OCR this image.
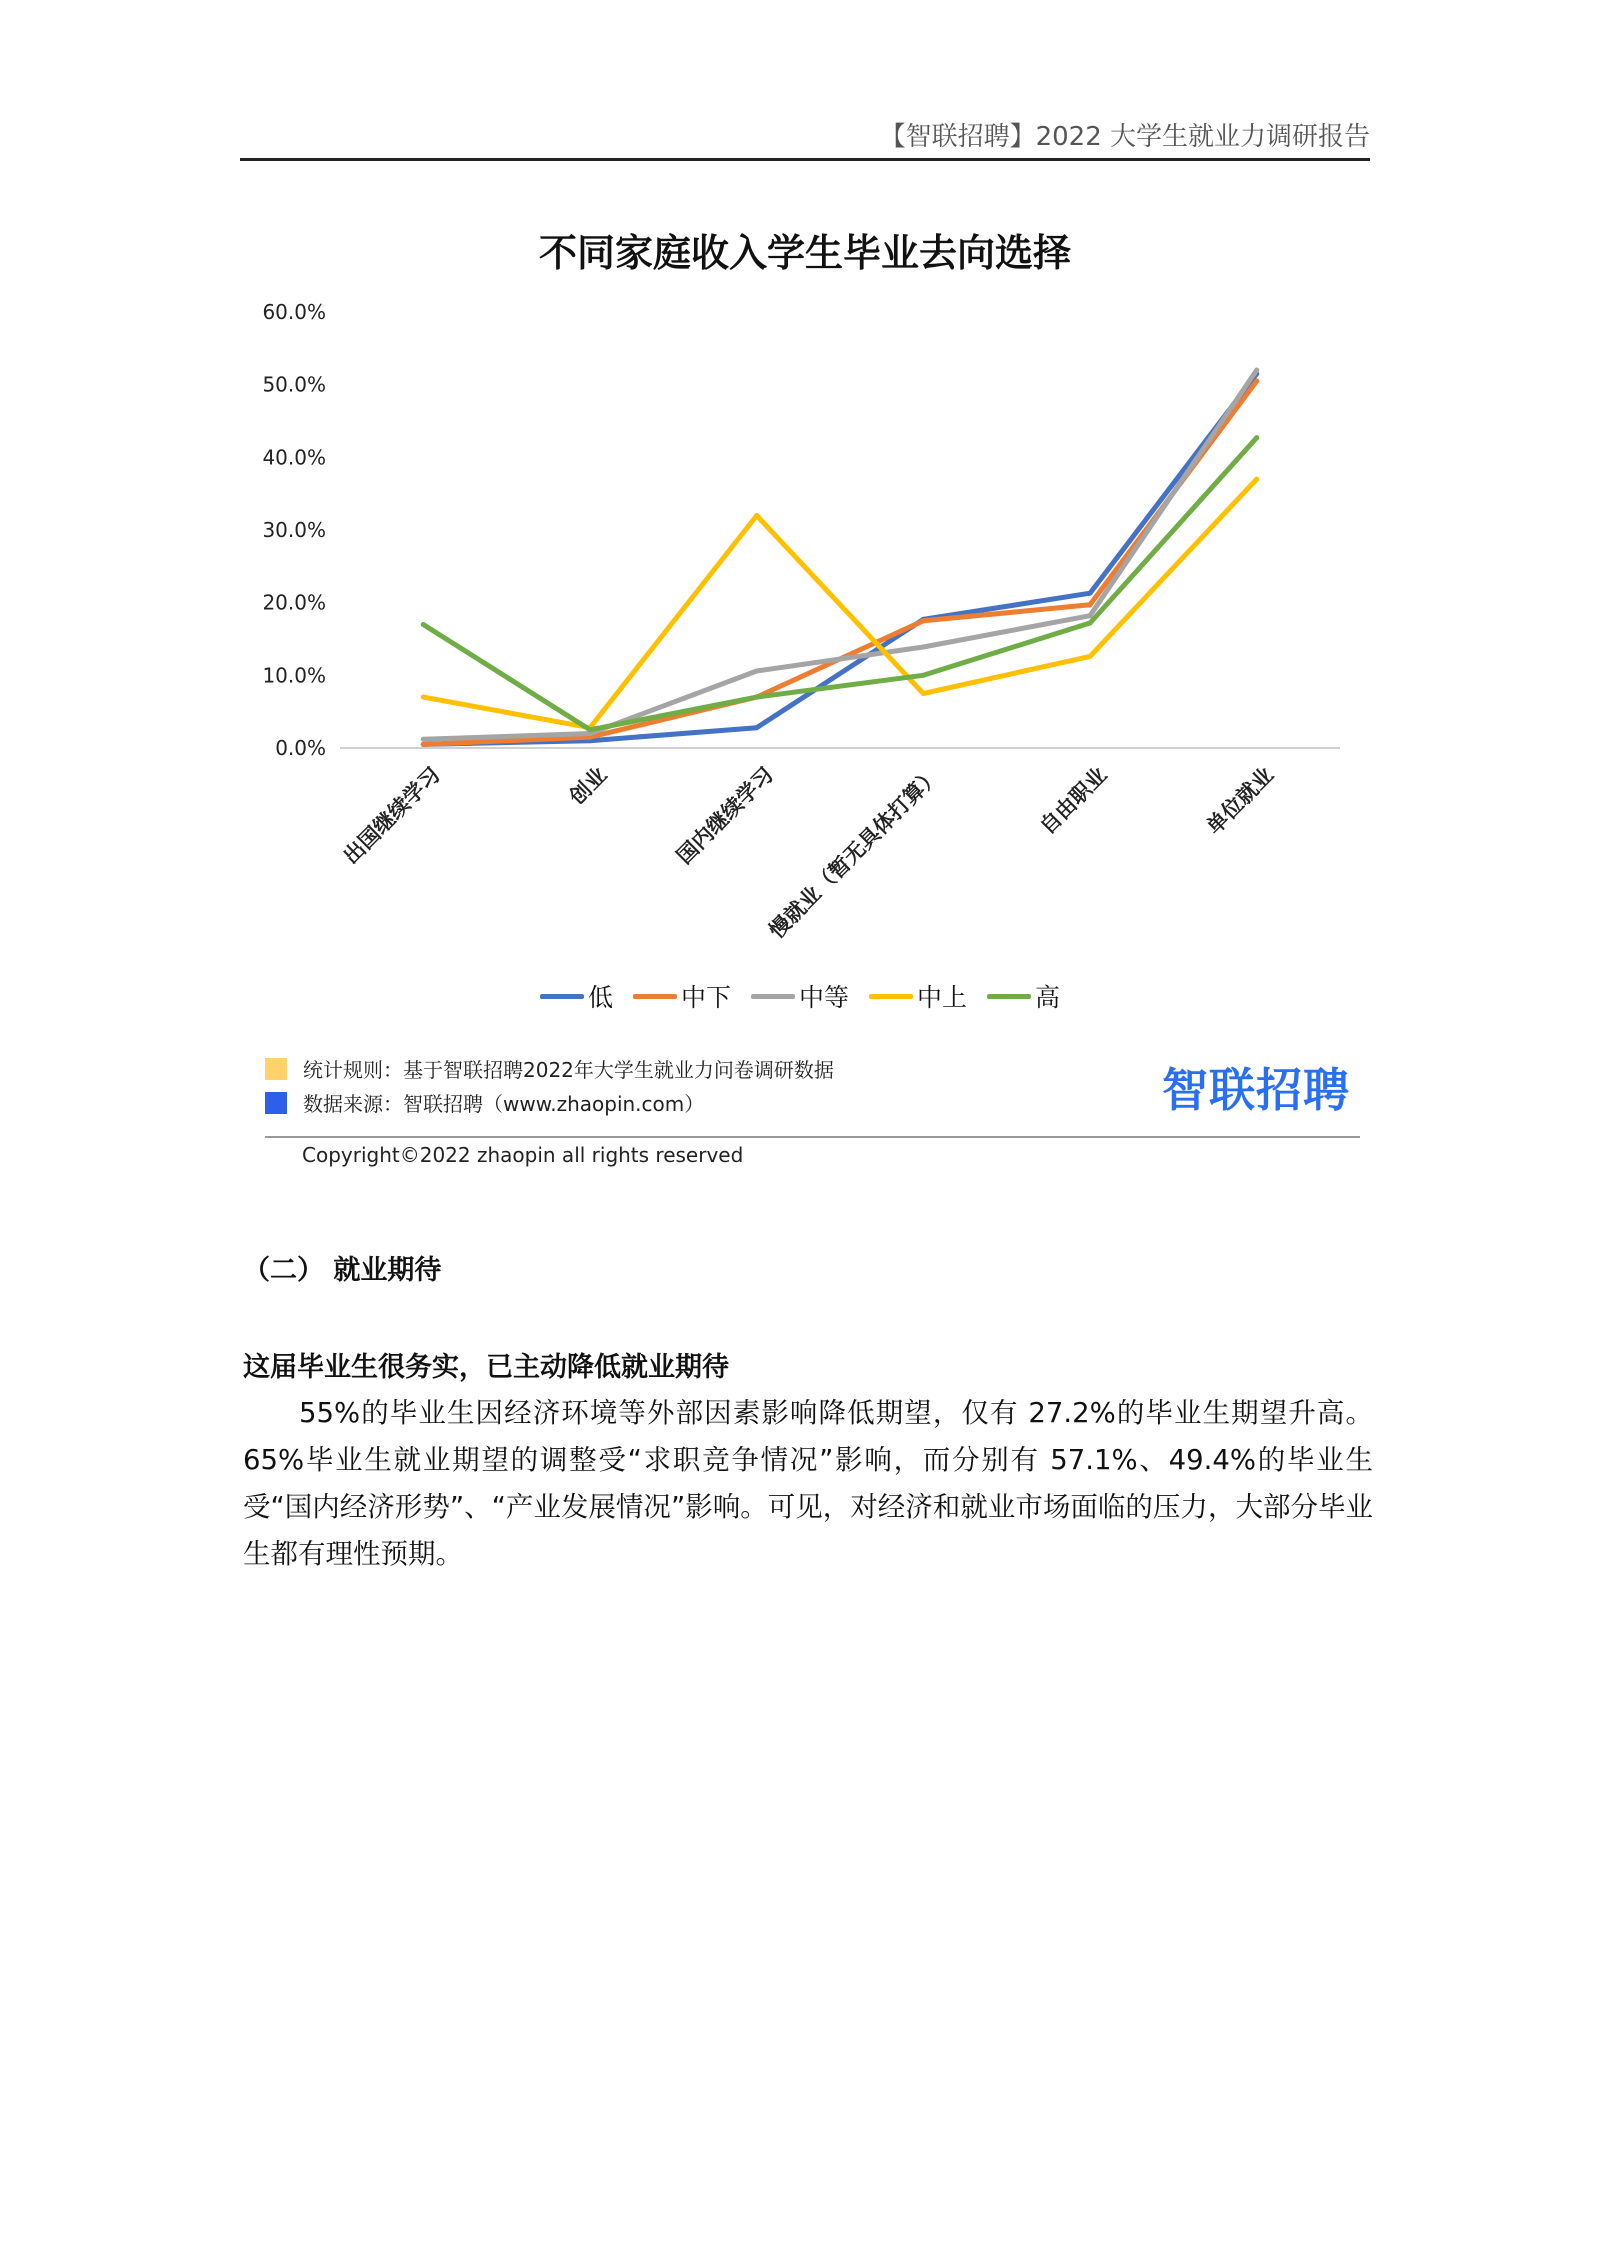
【智联招聘】2022 大学生就业力调研报告
不同家庭收入学生毕业去向选择
0.0%
10.0%
20.0%
30.0%
40.0%
50.0%
60.0%
出国继续学习	创业	国内继续学习
慢就业（暂无具体打算）	自由职业	单位就业
低	中下	中等	中上	高
统计规则：基于智联招聘2022年大学生就业力问卷调研数据
数据来源：智联招聘（www.zhaopin.com）	智联招聘
Copyright©2022 zhaopin all rights reserved
（二） 就业期待
这届毕业生很务实，已主动降低就业期待
55%的毕业生因经济环境等外部因素影响降低期望，仅有 27.2%的毕业生期望升高。65%毕业生就业期望的调整受“求职竞争情况”影响，而分别有 57.1%、49.4%的毕业生受“国内经济形势”、“产业发展情况”影响。可见，对经济和就业市场面临的压力，大部分毕业生都有理性预期。
